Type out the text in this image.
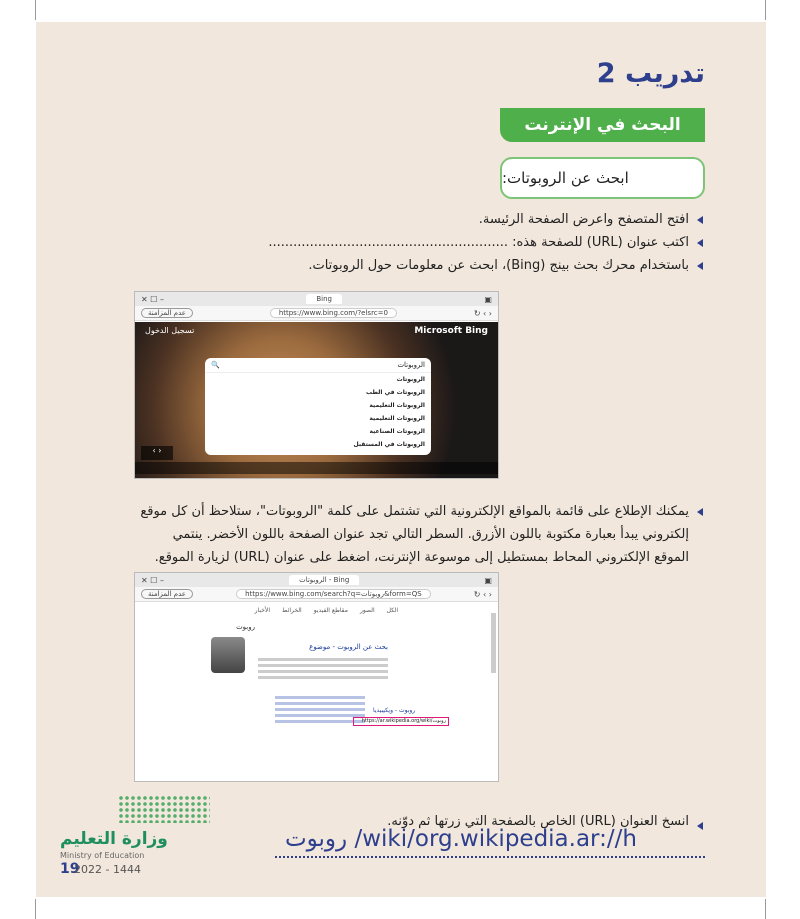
تدريب 2
البحث في الإنترنت
ابحث عن الروبوتات:
افتح المتصفح واعرض الصفحة الرئيسة.
اكتب عنوان (URL) للصفحة هذه: ..........................................................
باستخدام محرك بحث بينج (Bing)، ابحث عن معلومات حول الروبوتات.
✕ ☐ –	Bing	▣
عدم المزامنة	https://www.bing.com/?elsrc=0	↻ ‹ ›
تسجيل الدخول	Microsoft Bing
🔍	الروبوتات
الروبوتات
الروبوتات في الطب
الروبوتات التعليمية
الروبوتات التعليمية
الروبوتات الصناعية
الروبوتات في المستقبل
‹ ›
يمكنك الإطلاع على قائمة بالمواقع الإلكترونية التي تشتمل على كلمة "الروبوتات"، ستلاحظ أن كل موقع إلكتروني يبدأ بعبارة مكتوبة باللون الأزرق. السطر التالي تجد عنوان الصفحة باللون الأخضر. ينتمي الموقع الإلكتروني المحاط بمستطيل إلى موسوعة الإنترنت، اضغط على عنوان (URL) لزيارة الموقع.
✕ ☐ –	الروبوتات - Bing	▣
عدم المزامنة	https://www.bing.com/search?q=روبوتات&form=QS	↻ ‹ ›
الكل
الصور
مقاطع الفيديو
الخرائط
الأخبار
بحث عن الروبوت - موضوع
روبوت - ويكيبيديا
https://ar.wikipedia.org/wiki/روبوت
روبوت
انسخ العنوان (URL) الخاص بالصفحة التي زرتها ثم دوّنه.
روبوت /wiki/org.wikipedia.ar://h
وزارة التعليم
Ministry of Education
19
2022 - 1444
